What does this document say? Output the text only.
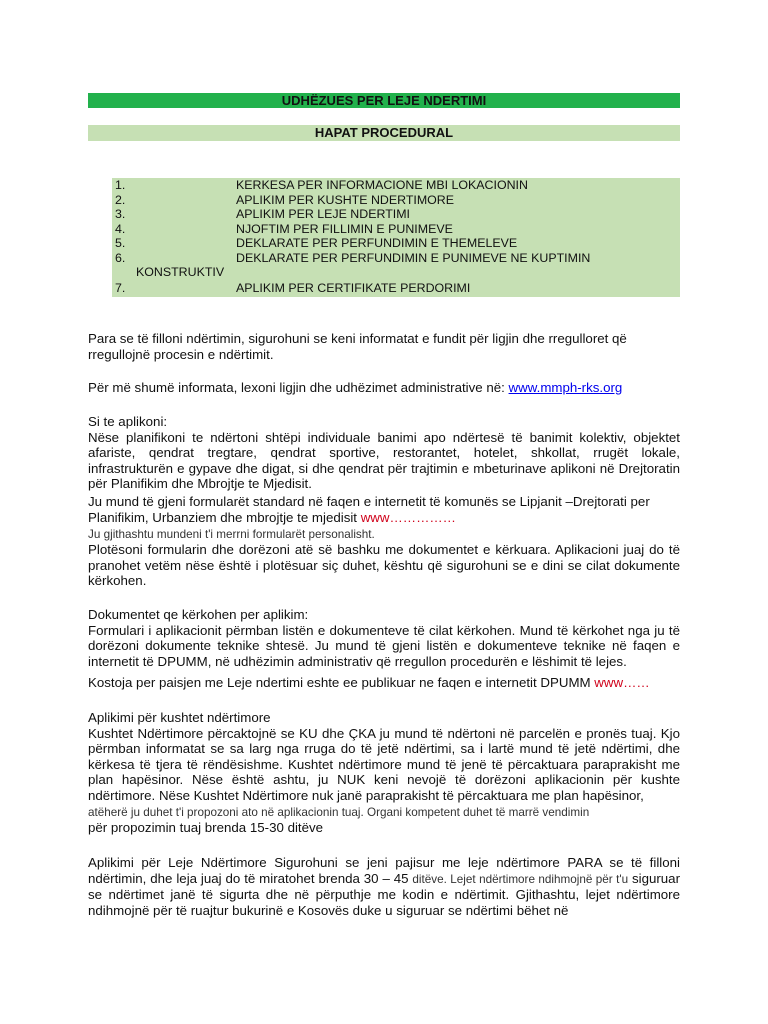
UDHËZUES PER LEJE NDERTIMI
HAPAT PROCEDURAL
1.	KERKESA PER INFORMACIONE MBI LOKACIONIN
2.	APLIKIM PER KUSHTE NDERTIMORE
3.	APLIKIM PER LEJE NDERTIMI
4.	NJOFTIM PER FILLIMIN E PUNIMEVE
5.	DEKLARATE PER PERFUNDIMIN E THEMELEVE
6.	DEKLARATE PER PERFUNDIMIN E PUNIMEVE NE KUPTIMIN
KONSTRUKTIV
7.	APLIKIM PER CERTIFIKATE PERDORIMI
Para se të filloni ndërtimin, sigurohuni se keni informatat e fundit për ligjin dhe rregulloret që rregullojnë procesin e ndërtimit.
Për më shumë informata, lexoni ligjin dhe udhëzimet administrative në: www.mmph-rks.org
Si te aplikoni:
Nëse planifikoni te ndërtoni shtëpi individuale banimi apo ndërtesë të banimit kolektiv, objektet afariste, qendrat tregtare, qendrat sportive, restorantet, hotelet, shkollat, rrugët lokale, infrastrukturën e gypave dhe digat, si dhe qendrat për trajtimin e mbeturinave aplikoni në Drejtoratin për Planifikim dhe Mbrojtje te Mjedisit.
Ju mund të gjeni formularët standard në faqen e internetit të komunës se Lipjanit –Drejtorati per Planifikim, Urbanziem dhe mbrojtje te mjedisit www……………
Ju gjithashtu mundeni t'i merrni formularët personalisht.
Plotësoni formularin dhe dorëzoni atë së bashku me dokumentet e kërkuara. Aplikacioni juaj do të pranohet vetëm nëse është i plotësuar siç duhet, kështu që sigurohuni se e dini se cilat dokumente kërkohen.
Dokumentet qe kërkohen per aplikim:
Formulari i aplikacionit përmban listën e dokumenteve të cilat kërkohen. Mund të kërkohet nga ju të dorëzoni dokumente teknike shtesë. Ju mund të gjeni listën e dokumenteve teknike në faqen e internetit të DPUMM, në udhëzimin administrativ që rregullon procedurën e lëshimit të lejes.
Kostoja per paisjen me Leje ndertimi eshte ee publikuar ne faqen e internetit DPUMM www……
Aplikimi për kushtet ndërtimore
Kushtet Ndërtimore përcaktojnë se KU dhe ÇKA ju mund të ndërtoni në parcelën e pronës tuaj. Kjo përmban informatat se sa larg nga rruga do të jetë ndërtimi, sa i lartë mund të jetë ndërtimi, dhe kërkesa të tjera të rëndësishme. Kushtet ndërtimore mund të jenë të përcaktuara paraprakisht me plan hapësinor. Nëse është ashtu, ju NUK keni nevojë të dorëzoni aplikacionin për kushte ndërtimore. Nëse Kushtet Ndërtimore nuk janë paraprakisht të përcaktuara me plan hapësinor,
atëherë ju duhet t'i propozoni ato në aplikacionin tuaj. Organi kompetent duhet të marrë vendimin
për propozimin tuaj brenda 15-30 ditëve
Aplikimi për Leje Ndërtimore Sigurohuni se jeni pajisur me leje ndërtimore PARA se të filloni ndërtimin, dhe leja juaj do të miratohet brenda 30 – 45 ditëve. Lejet ndërtimore ndihmojnë për t'u siguruar se ndërtimet janë të sigurta dhe në përputhje me kodin e ndërtimit. Gjithashtu, lejet ndërtimore ndihmojnë për të ruajtur bukurinë e Kosovës duke u siguruar se ndërtimi bëhet në
